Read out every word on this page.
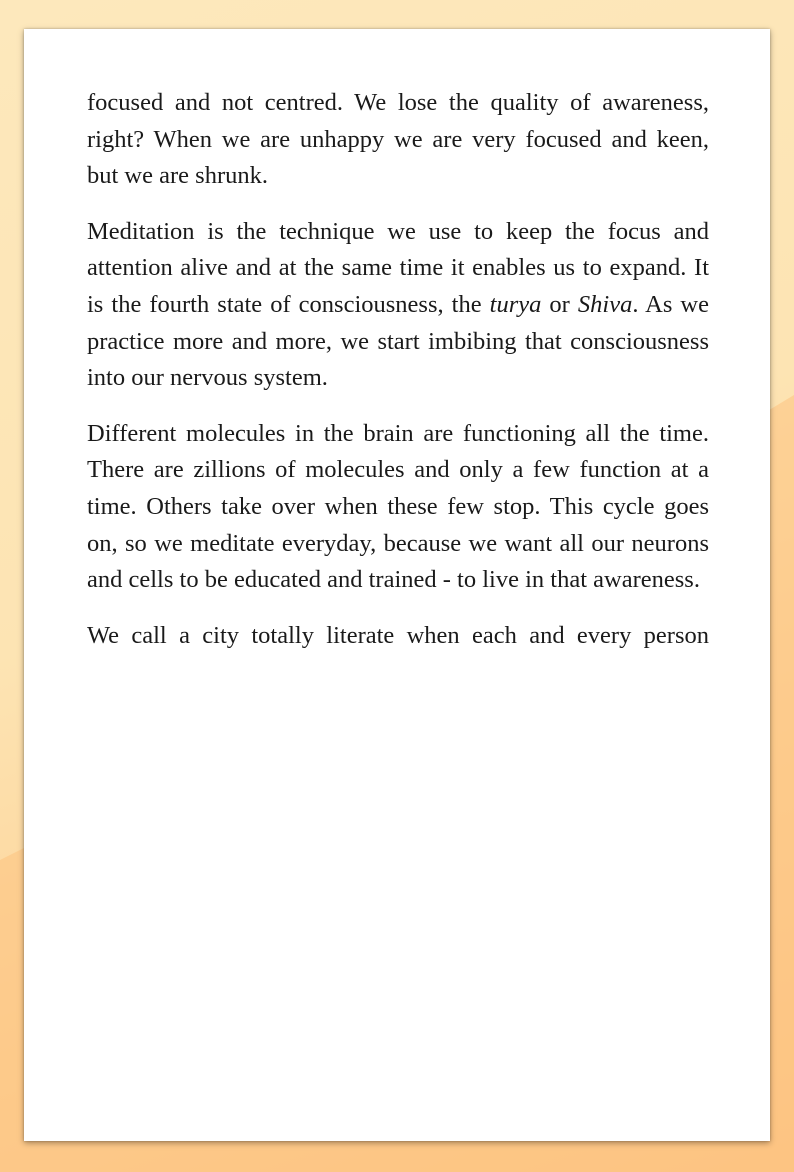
focused and not centred. We lose the quality of awareness, right? When we are unhappy we are very focused and keen, but we are shrunk.

Meditation is the technique we use to keep the focus and attention alive and at the same time it enables us to expand. It is the fourth state of consciousness, the turya or Shiva. As we practice more and more, we start imbibing that consciousness into our nervous system.

Different molecules in the brain are functioning all the time. There are zillions of molecules and only a few function at a time. Others take over when these few stop. This cycle goes on, so we meditate everyday, because we want all our neurons and cells to be educated and trained - to live in that awareness.

We call a city totally literate when each and every person
